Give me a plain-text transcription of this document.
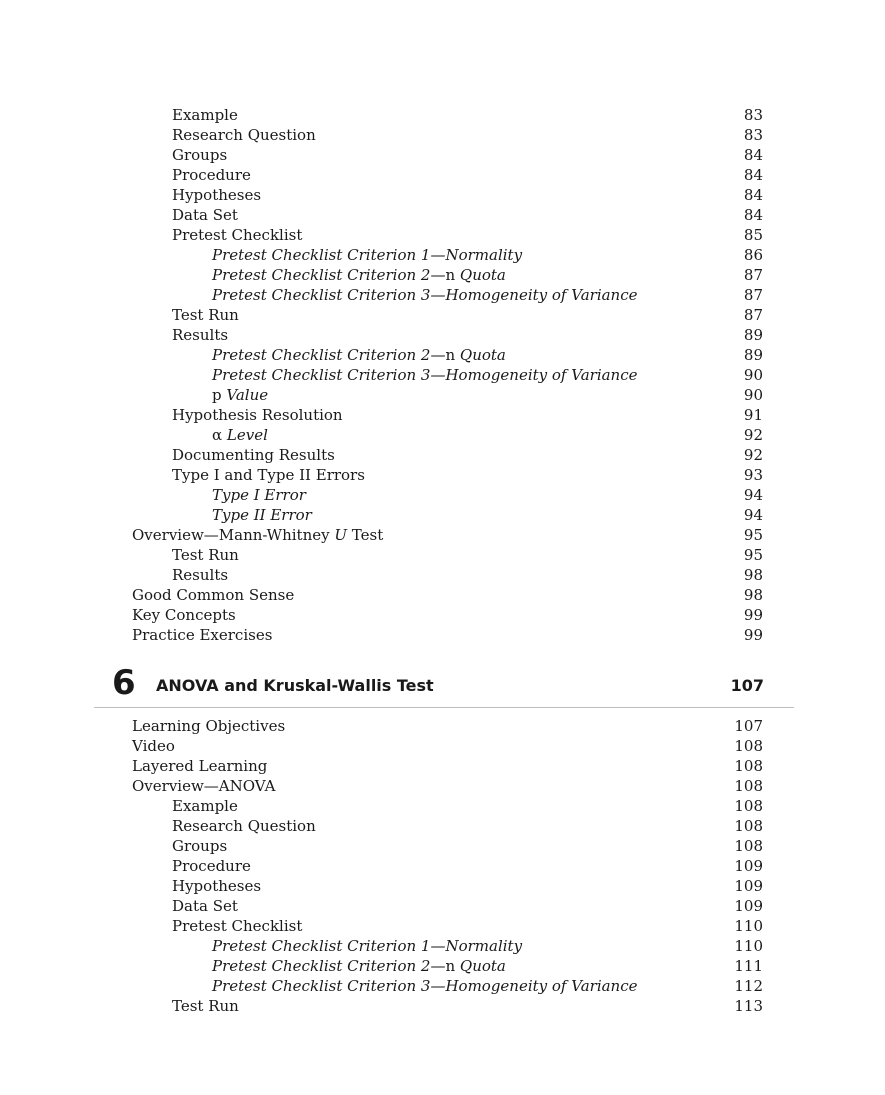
Example	83
Research Question	83
Groups	84
Procedure	84
Hypotheses	84
Data Set	84
Pretest Checklist	85
Pretest Checklist Criterion 1—Normality	86
Pretest Checklist Criterion 2—n Quota	87
Pretest Checklist Criterion 3—Homogeneity of Variance	87
Test Run	87
Results	89
Pretest Checklist Criterion 2—n Quota	89
Pretest Checklist Criterion 3—Homogeneity of Variance	90
p Value	90
Hypothesis Resolution	91
α Level	92
Documenting Results	92
Type I and Type II Errors	93
Type I Error	94
Type II Error	94
Overview—Mann-Whitney U Test	95
Test Run	95
Results	98
Good Common Sense	98
Key Concepts	99
Practice Exercises	99
6 ANOVA and Kruskal-Wallis Test	107
Learning Objectives	107
Video	108
Layered Learning	108
Overview—ANOVA	108
Example	108
Research Question	108
Groups	108
Procedure	109
Hypotheses	109
Data Set	109
Pretest Checklist	110
Pretest Checklist Criterion 1—Normality	110
Pretest Checklist Criterion 2—n Quota	111
Pretest Checklist Criterion 3—Homogeneity of Variance	112
Test Run	113
